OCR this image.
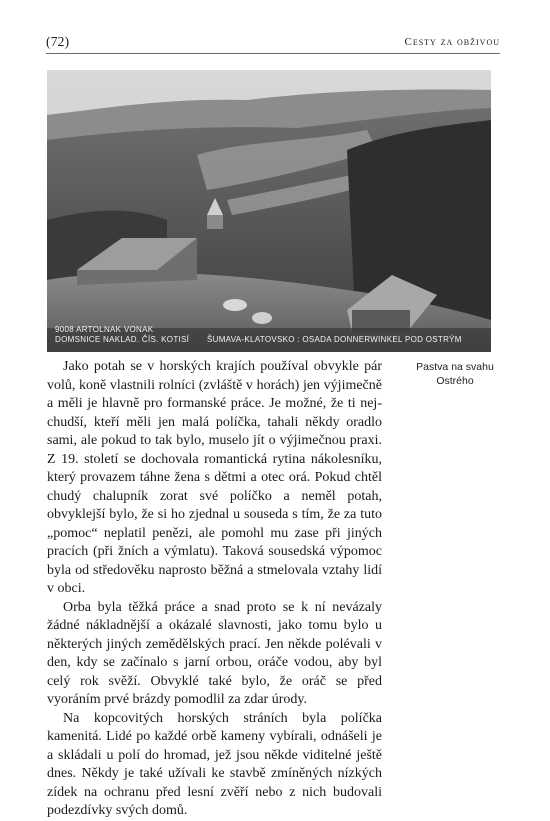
(72)	Cesty za obživou
9008 ARTOLNAK VONAK
DOMSNICE NAKLAD. ČÍS. KOTISÍ ŠUMAVA-KLATOVSKO : OSADA DONNERWINKEL POD OSTRÝM
Pastva na svahu
Ostrého

Jako potah se v horských krajích používal obvykle pár volů, koně vlastnili rolníci (zvláště v horách) jen výjimečně a měli je hlavně pro formanské práce. Je možné, že ti nejchudší, kteří měli jen malá políčka, tahali někdy oradlo sami, ale pokud to tak bylo, muselo jít o výjimečnou praxi. Z 19. století se dochovala romantická rytina nákolesníku, který provazem táhne žena s dětmi a otec orá. Pokud chtěl chudý chalupník zorat své políčko a neměl potah, obvyklejší bylo, že si ho zjednal u souseda s tím, že za tuto „pomoc“ neplatil penězi, ale pomohl mu zase při jiných pracích (při žních a výmlatu). Taková sousedská výpomoc byla od středověku naprosto běžná a stmelovala vztahy lidí v obci.

Orba byla těžká práce a snad proto se k ní nevázaly žádné nákladnější a okázalé slavnosti, jako tomu bylo u některých jiných zemědělských prací. Jen někde polévali v den, kdy se začínalo s jarní orbou, oráče vodou, aby byl celý rok svěží. Obvyklé také bylo, že oráč se před vyoráním prvé brázdy pomodlil za zdar úrody.

Na kopcovitých horských stráních byla políčka kamenitá. Lidé po každé orbě kameny vybírali, odnášeli je a skládali u polí do hromad, jež jsou někde viditelné ještě dnes. Někdy je také užívali ke stavbě zmíněných nízkých zídek na ochranu před lesní zvěří nebo z nich budovali podezdívky svých domů.
